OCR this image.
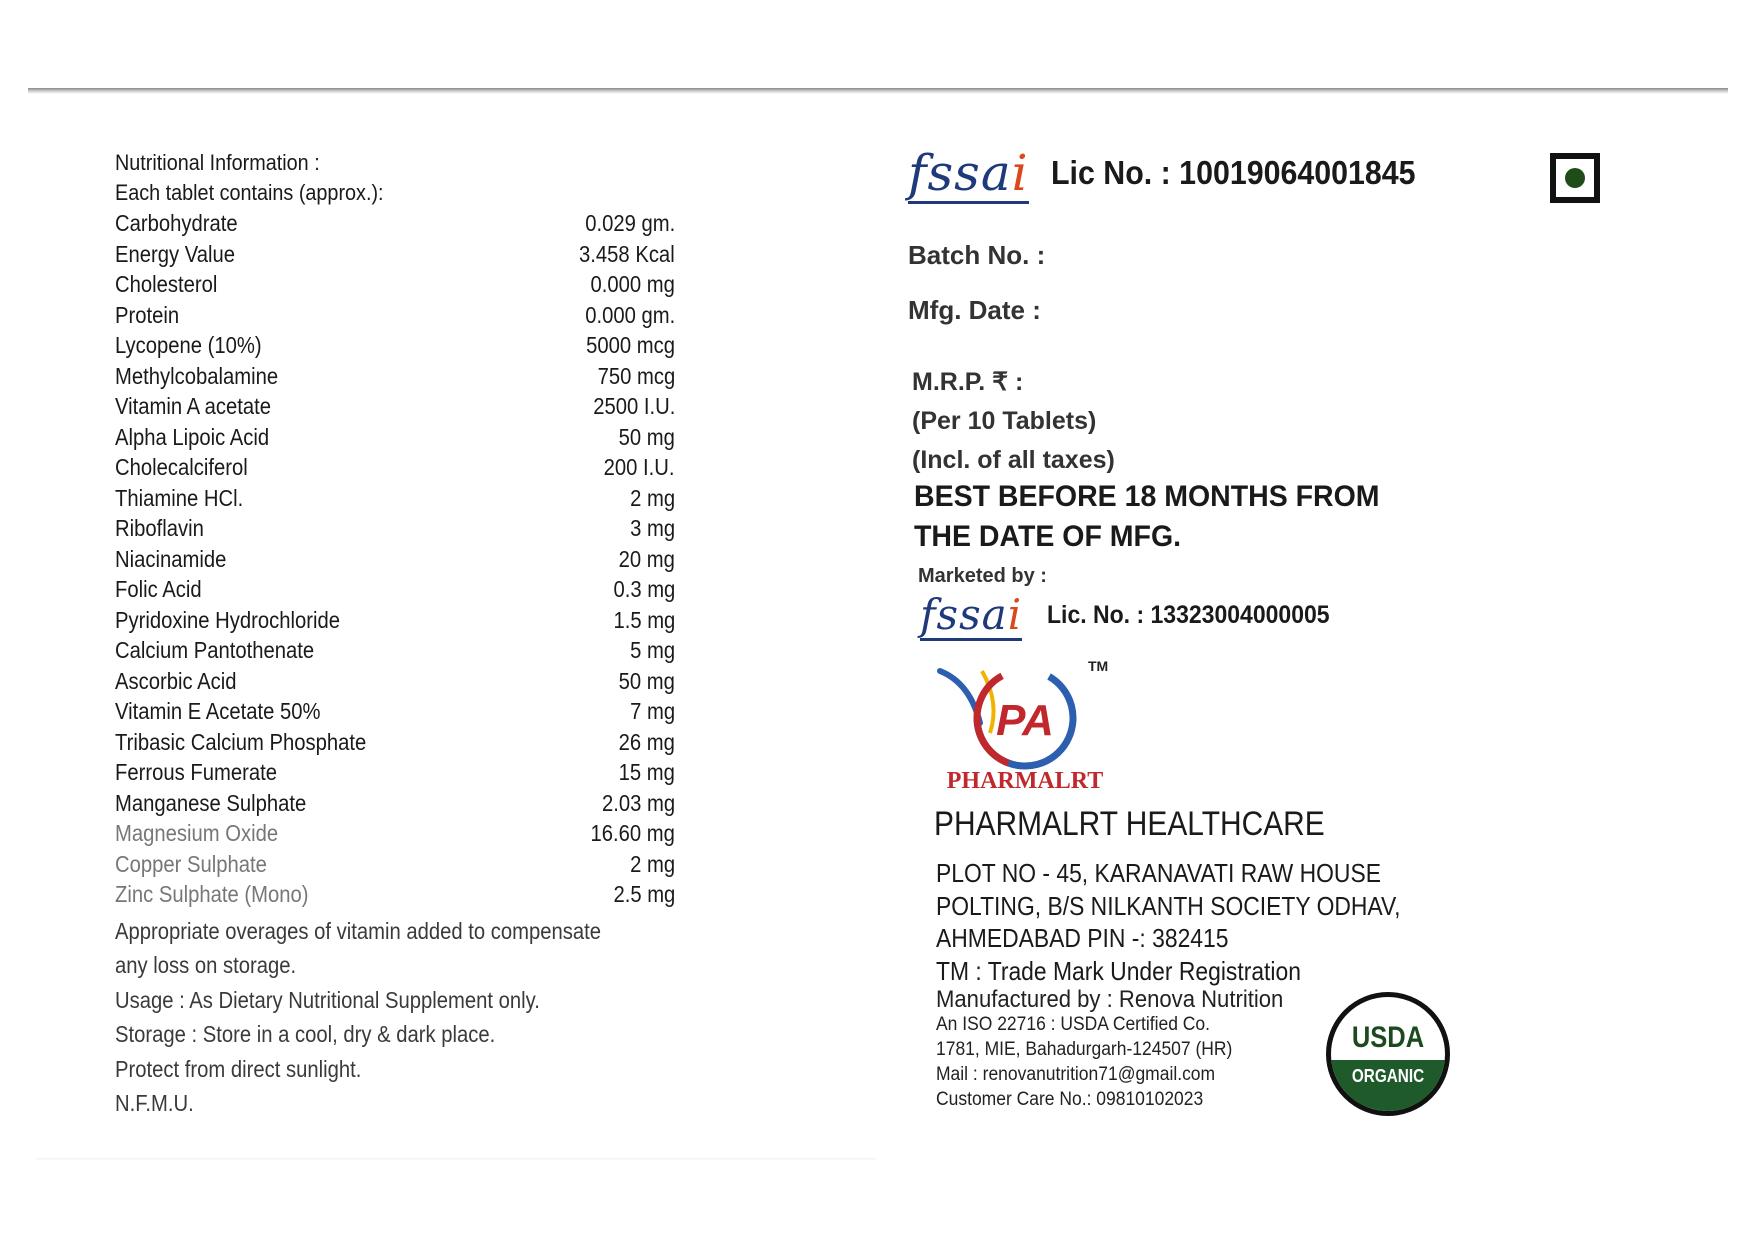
Nutritional Information :
Each tablet contains (approx.):
Carbohydrate	0.029 gm.
Energy Value	3.458 Kcal
Cholesterol	0.000 mg
Protein	0.000 gm.
Lycopene (10%)	5000 mcg
Methylcobalamine	750 mcg
Vitamin A acetate	2500 I.U.
Alpha Lipoic Acid	50 mg
Cholecalciferol	200 I.U.
Thiamine HCl.	2 mg
Riboflavin	3 mg
Niacinamide	20 mg
Folic Acid	0.3 mg
Pyridoxine Hydrochloride	1.5 mg
Calcium Pantothenate	5 mg
Ascorbic Acid	50 mg
Vitamin E Acetate 50%	7 mg
Tribasic Calcium Phosphate	26 mg
Ferrous Fumerate	15 mg
Manganese Sulphate	2.03 mg
Magnesium Oxide	16.60 mg
Copper Sulphate	2 mg
Zinc Sulphate (Mono)	2.5 mg

Appropriate overages of vitamin added to compensate

any loss on storage.

Usage : As Dietary Nutritional Supplement only.

Storage : Store in a cool, dry & dark place.

Protect from direct sunlight.

N.F.M.U.

fssai Lic No. : 10019064001845
Batch No. :
Mfg. Date :
M.R.P. ₹ :
(Per 10 Tablets)
(Incl. of all taxes)
BEST BEFORE 18 MONTHS FROM
THE DATE OF MFG.
Marketed by :
fssai Lic. No. : 13323004000005
PA
TM
PHARMALRT
PHARMALRT HEALTHCARE
PLOT NO - 45, KARANAVATI RAW HOUSE
POLTING, B/S NILKANTH SOCIETY ODHAV,
AHMEDABAD PIN -: 382415
TM : Trade Mark Under Registration
Manufactured by : Renova Nutrition
An ISO 22716 : USDA Certified Co.
1781, MIE, Bahadurgarh-124507 (HR)
Mail : renovanutrition71@gmail.com
Customer Care No.: 09810102023
USDA
ORGANIC
